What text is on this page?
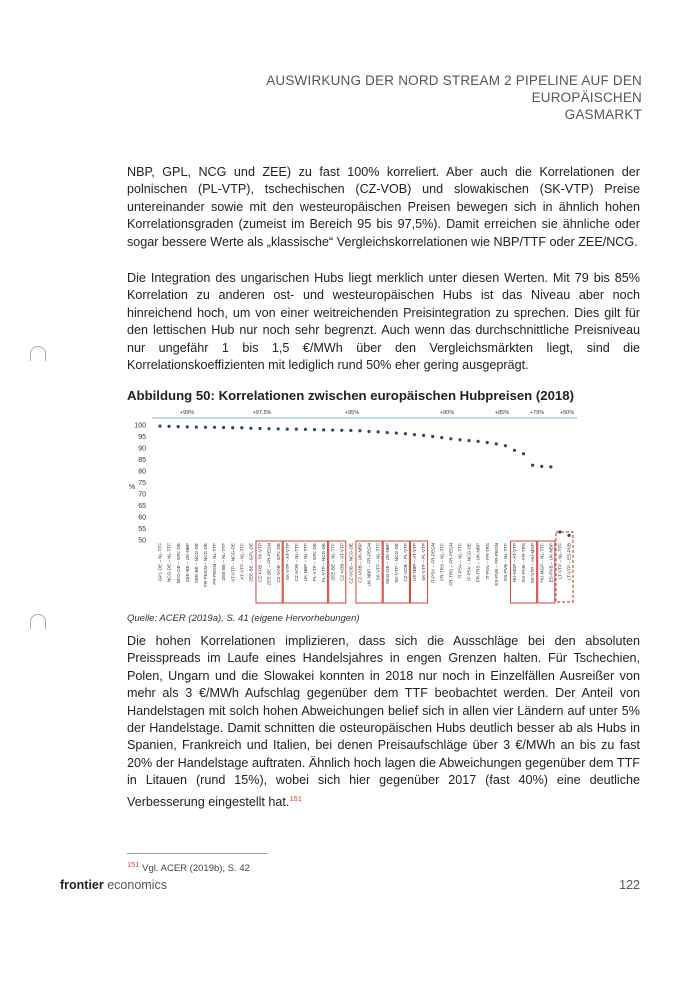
AUSWIRKUNG DER NORD STREAM 2 PIPELINE AUF DEN EUROPÄISCHEN
GASMARKT

NBP, GPL, NCG und ZEE) zu fast 100% korreliert. Aber auch die Korrelationen der polnischen (PL-VTP), tschechischen (CZ-VOB) und slowakischen (SK-VTP) Preise untereinander sowie mit den westeuropäischen Preisen bewegen sich in ähnlich hohen Korrelationsgraden (zumeist im Bereich 95 bis 97,5%). Damit erreichen sie ähnliche oder sogar bessere Werte als „klassische“ Vergleichskorrelationen wie NBP/TTF oder ZEE/NCG.

Die Integration des ungarischen Hubs liegt merklich unter diesen Werten. Mit 79 bis 85% Korrelation zu anderen ost- und westeuropäischen Hubs ist das Niveau aber noch hinreichend hoch, um von einer weitreichenden Preisintegration zu sprechen. Dies gilt für den lettischen Hub nur noch sehr begrenzt. Auch wenn das durchschnittliche Preisniveau nur ungefähr 1 bis 1,5 €/MWh über den Vergleichsmärkten liegt, sind die Korrelationskoeffizienten mit lediglich rund 50% eher gering ausgeprägt.

Abbildung 50: Korrelationen zwischen europäischen Hubpreisen (2018)
+99%	+97,5%	+95%	+90%	+85%	+79%	+50%
50
55
60
65
70
75
80
85
90
95
100
%
GPL-DE – NL-TTF NCG-DE – NL-TTF NCG-DE – GPL-DE ZEE-BE – UK-NBP ZEE-BE – NCG-DE FR-PEGN – NCG-DE FR-PEGN – NL-TTF ZEE-BE – NL-TTF AT-VTP – NCG-DE AT-VTP – NL-TTF ZEE-BE – GPL-DE CZ-VOB – SK-VTP ZEE-BE – FR-PEGN CZ-VOB – GPL-DE SK-VTP – AT-VTP CZ-VOB – NL-TTF UK-NBP – NL-TTF PL-VTP – GPL-DE PL-VTP – NCG-DE ZEE-BE – NL-TTF CZ-VOB – AT-VTP CZ-VOB – NCG-DE CZ-VOB – UK-NBP UK-NBP – FR-PEGN SK-VTP – NL-TTF NCG-DE – UK-NBP SK-VTP – NCG-DE CZ-VOB – PL-VTP UK-NBP – AT-VTP SK-VTP – PL-VTP IT-PSV – FR-PEGN FR-TRS – NL-TTF FR-TRS – FR-PEGN IT-PSV – NL-TTF IT-PSV – NCG-DE FR-TRS – UK-NBP IT-PSV – FR-TRS ES-PVB – FR-PEGN ES-PVB – NL-TTF HU-MGP – AT-VTP ES-PVB – FR-TRS SK-VTP – HU-MGP HU-MGP – NL-TTF ES-PVB – UK-NBP LT-VTP – NL-TTF LT-VTP – ES-PVB
Quelle: ACER (2019a), S. 41 (eigene Hervorhebungen)

Die hohen Korrelationen implizieren, dass sich die Ausschläge bei den absoluten Preisspreads im Laufe eines Handelsjahres in engen Grenzen halten. Für Tschechien, Polen, Ungarn und die Slowakei konnten in 2018 nur noch in Einzelfällen Ausreißer von mehr als 3 €/MWh Aufschlag gegenüber dem TTF beobachtet werden. Der Anteil von Handelstagen mit solch hohen Abweichungen belief sich in allen vier Ländern auf unter 5% der Handelstage. Damit schnitten die osteuropäischen Hubs deutlich besser ab als Hubs in Spanien, Frankreich und Italien, bei denen Preisaufschläge über 3 €/MWh an bis zu fast 20% der Handelstage auftraten. Ähnlich hoch lagen die Abweichungen gegenüber dem TTF in Litauen (rund 15%), wobei sich hier gegenüber 2017 (fast 40%) eine deutliche Verbesserung eingestellt hat.$^{151}$

$^{151}$ Vgl. ACER (2019b), S. 42
frontier economics	122
